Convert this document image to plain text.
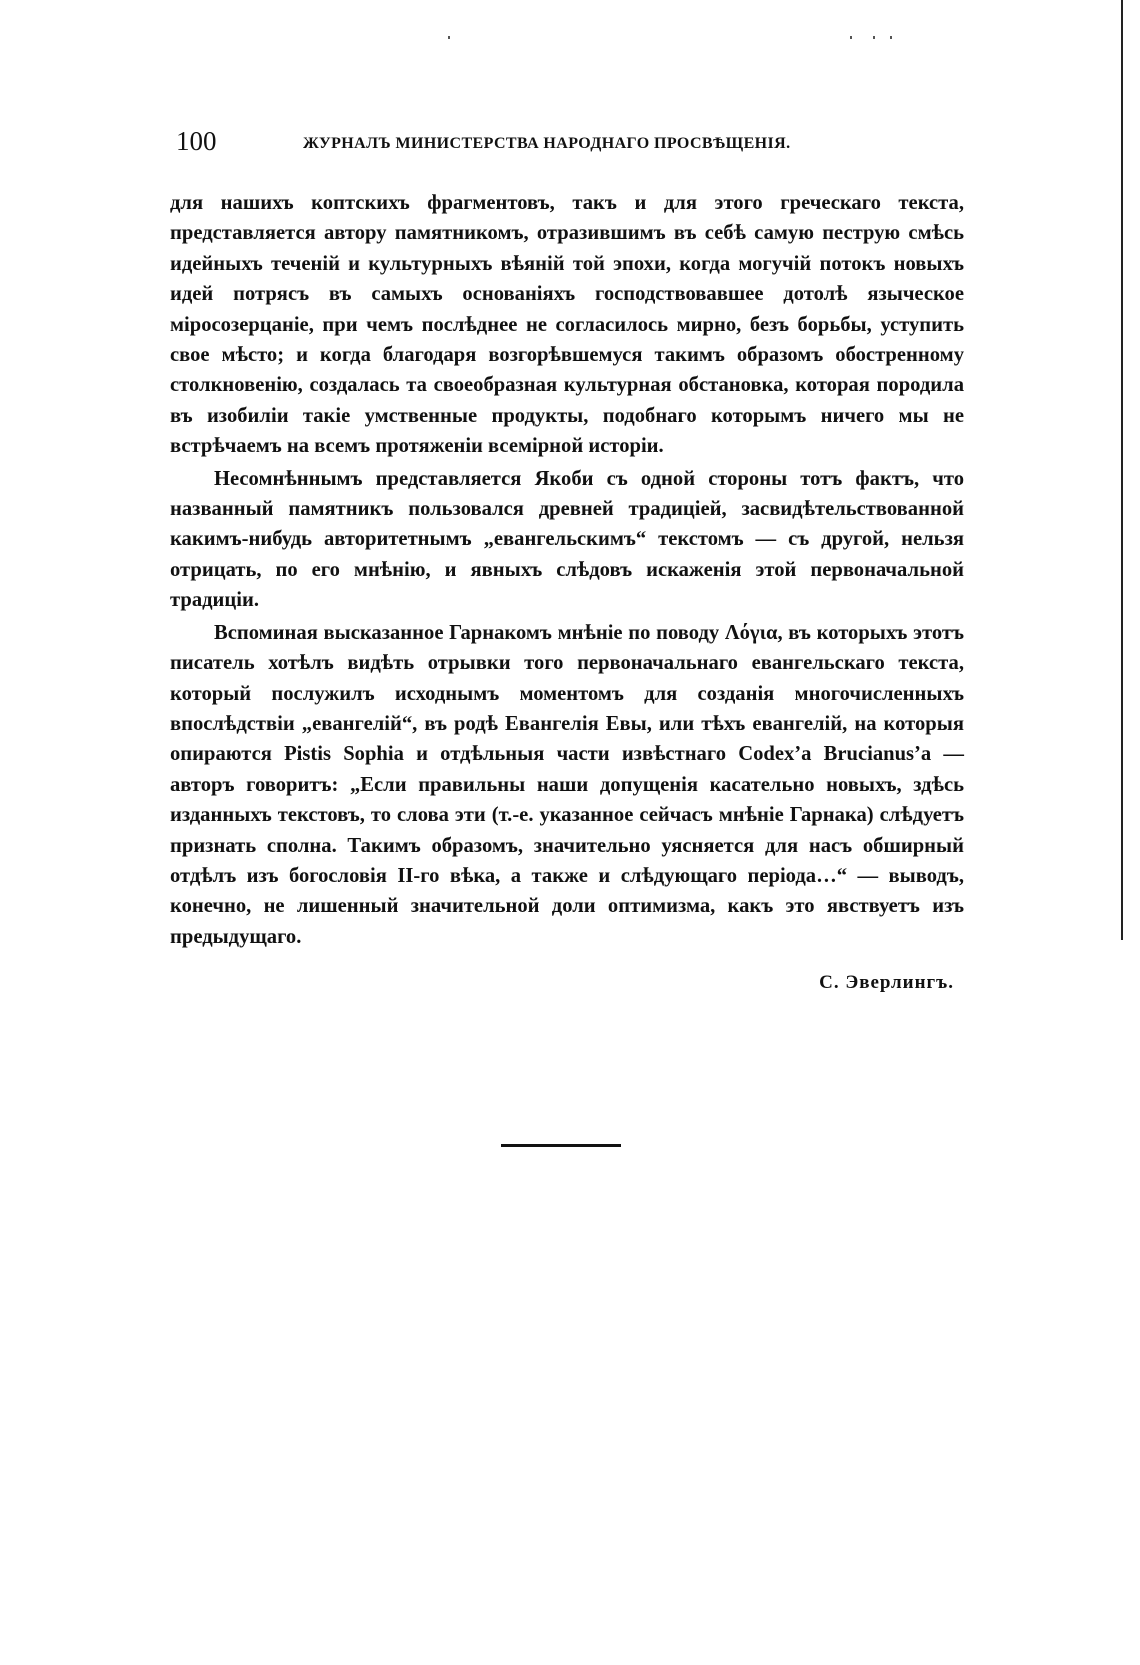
100	ЖУРНАЛЪ МИНИСТЕРСТВА НАРОДНАГО ПРОСВѢЩЕНІЯ.

для нашихъ коптскихъ фрагментовъ, такъ и для этого греческаго текста, представляется автору памятникомъ, отразившимъ въ себѣ самую пеструю смѣсь идейныхъ теченій и культурныхъ вѣяній той эпохи, когда могучій потокъ новыхъ идей потрясъ въ самыхъ основаніяхъ господствовавшее дотолѣ языческое міросозерцаніе, при чемъ послѣднее не согласилось мирно, безъ борьбы, уступить свое мѣсто; и когда благодаря возгорѣвшемуся такимъ образомъ обостренному столкновенію, создалась та своеобразная культурная обстановка, которая породила въ изобиліи такіе умственные продукты, подобнаго которымъ ничего мы не встрѣчаемъ на всемъ протяженіи всемірной исторіи.

Несомнѣннымъ представляется Якоби съ одной стороны тотъ фактъ, что названный памятникъ пользовался древней традиціей, засвидѣтельствованной какимъ-нибудь авторитетнымъ „евангельскимъ“ текстомъ — съ другой, нельзя отрицать, по его мнѣнію, и явныхъ слѣдовъ искаженія этой первоначальной традиціи.

Вспоминая высказанное Гарнакомъ мнѣніе по поводу Λόγια, въ которыхъ этотъ писатель хотѣлъ видѣть отрывки того первоначальнаго евангельскаго текста, который послужилъ исходнымъ моментомъ для созданія многочисленныхъ впослѣдствіи „евангелій“, въ родѣ Евангелія Евы, или тѣхъ евангелій, на которыя опираются Pistis Sophia и отдѣльныя части извѣстнаго Codex’a Brucianus’a — авторъ говоритъ: „Если правильны наши допущенія касательно новыхъ, здѣсь изданныхъ текстовъ, то слова эти (т.-е. указанное сейчасъ мнѣніе Гарнака) слѣдуетъ признать сполна. Такимъ образомъ, значительно уясняется для насъ обширный отдѣлъ изъ богословія II-го вѣка, а также и слѣдующаго періода…“ — выводъ, конечно, не лишенный значительной доли оптимизма, какъ это явствуетъ изъ предыдущаго.

С. Эверлингъ.
